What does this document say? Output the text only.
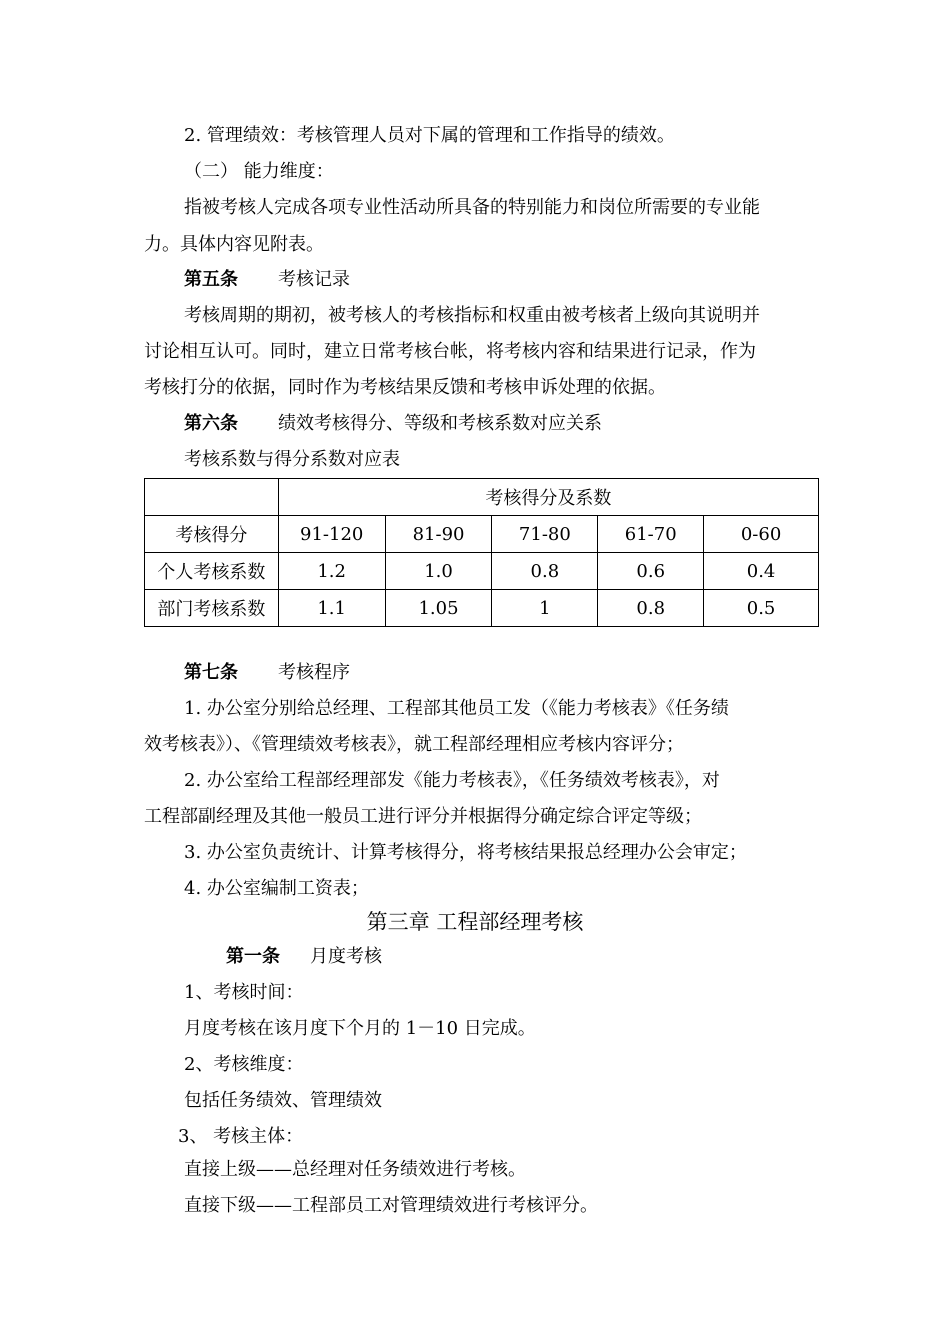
2. 管理绩效：考核管理人员对下属的管理和工作指导的绩效。
（二） 能力维度：
指被考核人完成各项专业性活动所具备的特别能力和岗位所需要的专业能
力。具体内容见附表。
第五条 考核记录
考核周期的期初，被考核人的考核指标和权重由被考核者上级向其说明并
讨论相互认可。同时，建立日常考核台帐，将考核内容和结果进行记录，作为
考核打分的依据，同时作为考核结果反馈和考核申诉处理的依据。
第六条 绩效考核得分、等级和考核系数对应关系
考核系数与得分系数对应表
	考核得分及系数				
考核得分	91-120	81-90	71-80	61-70	0-60
个人考核系数	1.2	1.0	0.8	0.6	0.4
部门考核系数	1.1	1.05	1	0.8	0.5
第七条 考核程序
1. 办公室分别给总经理、工程部其他员工发（《能力考核表》《任务绩
效考核表》）、《管理绩效考核表》，就工程部经理相应考核内容评分；
2. 办公室给工程部经理部发《能力考核表》，《任务绩效考核表》，对
工程部副经理及其他一般员工进行评分并根据得分确定综合评定等级；
3. 办公室负责统计、计算考核得分，将考核结果报总经理办公会审定；
4. 办公室编制工资表；
第三章 工程部经理考核
第一条 月度考核
1、考核时间：
月度考核在该月度下个月的 1－10 日完成。
2、考核维度：
包括任务绩效、管理绩效
3、 考核主体：
直接上级——总经理对任务绩效进行考核。
直接下级——工程部员工对管理绩效进行考核评分。
